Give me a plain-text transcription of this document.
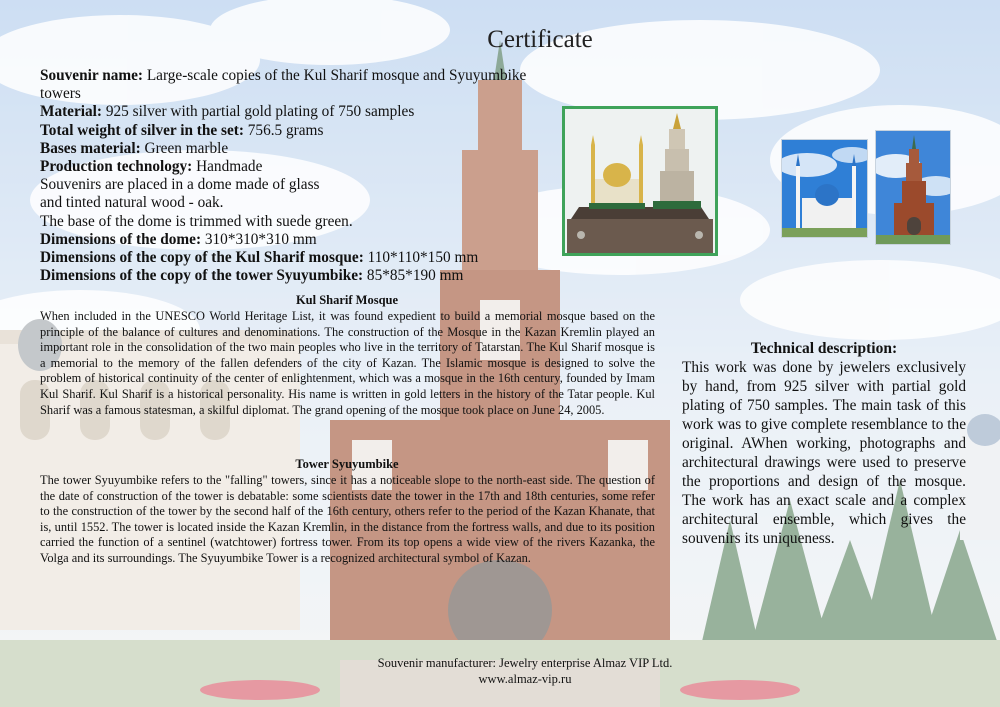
Certificate
Souvenir name: Large-scale copies of the Kul Sharif mosque and Syuyumbike towers
Material: 925 silver with partial gold plating of 750 samples
Total weight of silver in the set: 756.5 grams
Bases material: Green marble
Production technology: Handmade
Souvenirs are placed in a dome made of glass
and tinted natural wood - oak.
The base of the dome is trimmed with suede green.
Dimensions of the dome: 310*310*310 mm
Dimensions of the copy of the Kul Sharif mosque: 110*110*150 mm
Dimensions of the copy of the tower Syuyumbike: 85*85*190 mm
Kul Sharif Mosque
When included in the UNESCO World Heritage List, it was found expedient to build a memorial mosque based on the principle of the balance of cultures and denominations. The construction of the Mosque in the Kazan Kremlin played an important role in the consolidation of the two main peoples who live in the territory of Tatarstan. The Kul Sharif mosque is a memorial to the memory of the fallen defenders of the city of Kazan. The Islamic mosque is designed to solve the problem of historical continuity of the center of enlightenment, which was a mosque in the 16th century, founded by Imam Kul Sharif. Kul Sharif is a historical personality. His name is written in gold letters in the history of the Tatar people. Kul Sharif was a famous statesman, a skilful diplomat. The grand opening of the mosque took place on June 24, 2005.
Tower Syuyumbike
The tower Syuyumbike refers to the "falling" towers, since it has a noticeable slope to the north-east side. The question of the date of construction of the tower is debatable: some scientists date the tower in the 17th and 18th centuries, some refer to the construction of the tower by the second half of the 16th century, others refer to the period of the Kazan Khanate, that is, until 1552. The tower is located inside the Kazan Kremlin, in the distance from the fortress walls, and due to its position carried the function of a sentinel (watchtower) fortress tower. From its top opens a wide view of the rivers Kazanka, the Volga and its surroundings. The Syuyumbike Tower is a recognized architectural symbol of Kazan.
Technical description:
This work was done by jewelers exclusively by hand, from 925 silver with partial gold plating of 750 samples. The main task of this work was to give complete resemblance to the original. AWhen working, photographs and architectural drawings were used to preserve the proportions and design of the mosque. The work has an exact scale and a complex architectural ensemble, which gives the souvenirs its uniqueness.
Souvenir manufacturer: Jewelry enterprise Almaz VIP Ltd.
www.almaz-vip.ru
